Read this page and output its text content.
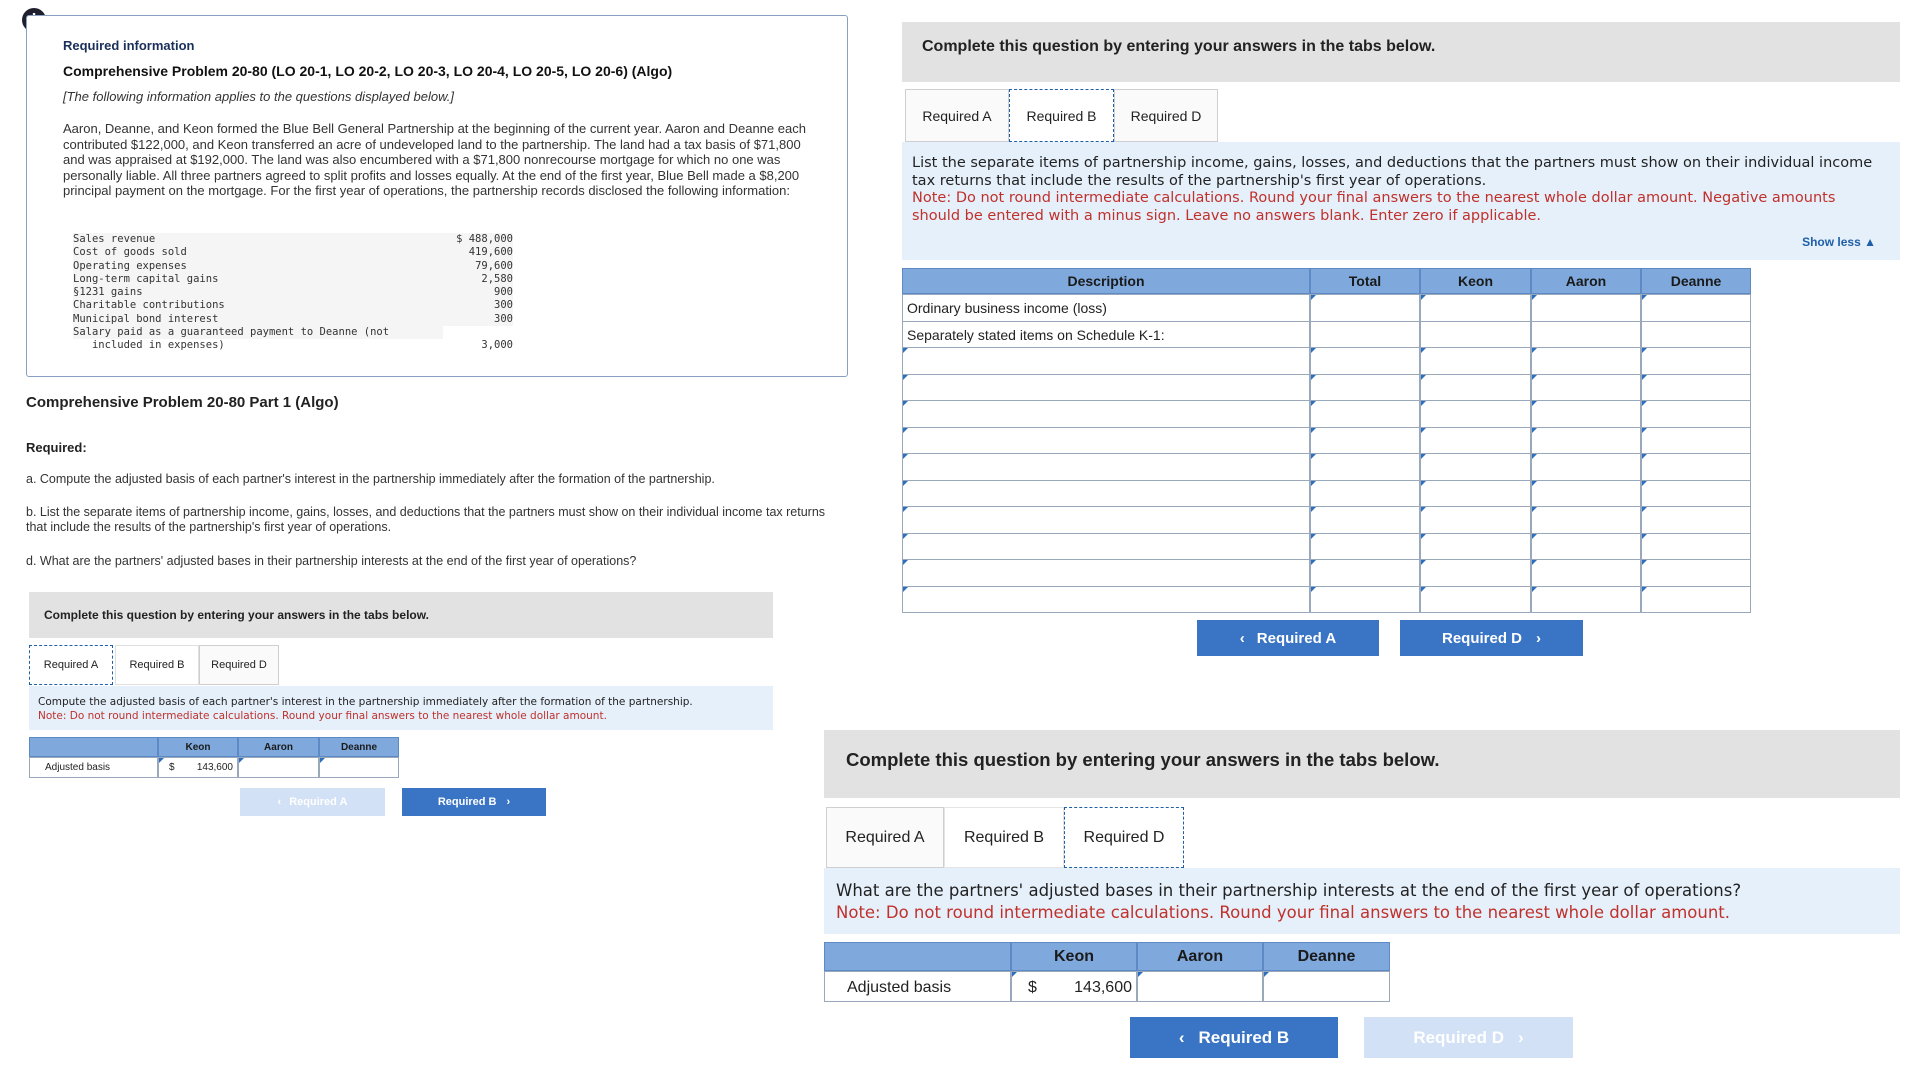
Required information
Comprehensive Problem 20-80 (LO 20-1, LO 20-2, LO 20-3, LO 20-4, LO 20-5, LO 20-6) (Algo)
[The following information applies to the questions displayed below.]
Aaron, Deanne, and Keon formed the Blue Bell General Partnership at the beginning of the current year. Aaron and Deanne each contributed $122,000, and Keon transferred an acre of undeveloped land to the partnership. The land had a tax basis of $71,800 and was appraised at $192,000. The land was also encumbered with a $71,800 nonrecourse mortgage for which no one was personally liable. All three partners agreed to split profits and losses equally. At the end of the first year, Blue Bell made a $8,200 principal payment on the mortgage. For the first year of operations, the partnership records disclosed the following information:
Sales revenue	$ 488,000
Cost of goods sold	419,600
Operating expenses	79,600
Long-term capital gains	2,580
§1231 gains	900
Charitable contributions	300
Municipal bond interest	300
Salary paid as a guaranteed payment to Deanne (not
included in expenses)	3,000
Comprehensive Problem 20-80 Part 1 (Algo)
Required:
a. Compute the adjusted basis of each partner's interest in the partnership immediately after the formation of the partnership.
b. List the separate items of partnership income, gains, losses, and deductions that the partners must show on their individual income tax returns that include the results of the partnership's first year of operations.
d. What are the partners' adjusted bases in their partnership interests at the end of the first year of operations?
Complete this question by entering your answers in the tabs below.
Required A	Required B	Required D
Compute the adjusted basis of each partner's interest in the partnership immediately after the formation of the partnership.
Note: Do not round intermediate calculations. Round your final answers to the nearest whole dollar amount.
Keon	Aaron	Deanne
Adjusted basis	$ 143,600
‹ Required A	Required B ›
Complete this question by entering your answers in the tabs below.
Required A	Required B	Required D
List the separate items of partnership income, gains, losses, and deductions that the partners must show on their individual income tax returns that include the results of the partnership's first year of operations.
Note: Do not round intermediate calculations. Round your final answers to the nearest whole dollar amount. Negative amounts should be entered with a minus sign. Leave no answers blank. Enter zero if applicable.
Show less ▲
Description	Total	Keon	Aaron	Deanne
Ordinary business income (loss)
Separately stated items on Schedule K-1:
‹ Required A	Required D ›
Complete this question by entering your answers in the tabs below.
Required A	Required B	Required D
What are the partners' adjusted bases in their partnership interests at the end of the first year of operations?
Note: Do not round intermediate calculations. Round your final answers to the nearest whole dollar amount.
Keon	Aaron	Deanne
Adjusted basis	$ 143,600
‹ Required B	Required D ›
